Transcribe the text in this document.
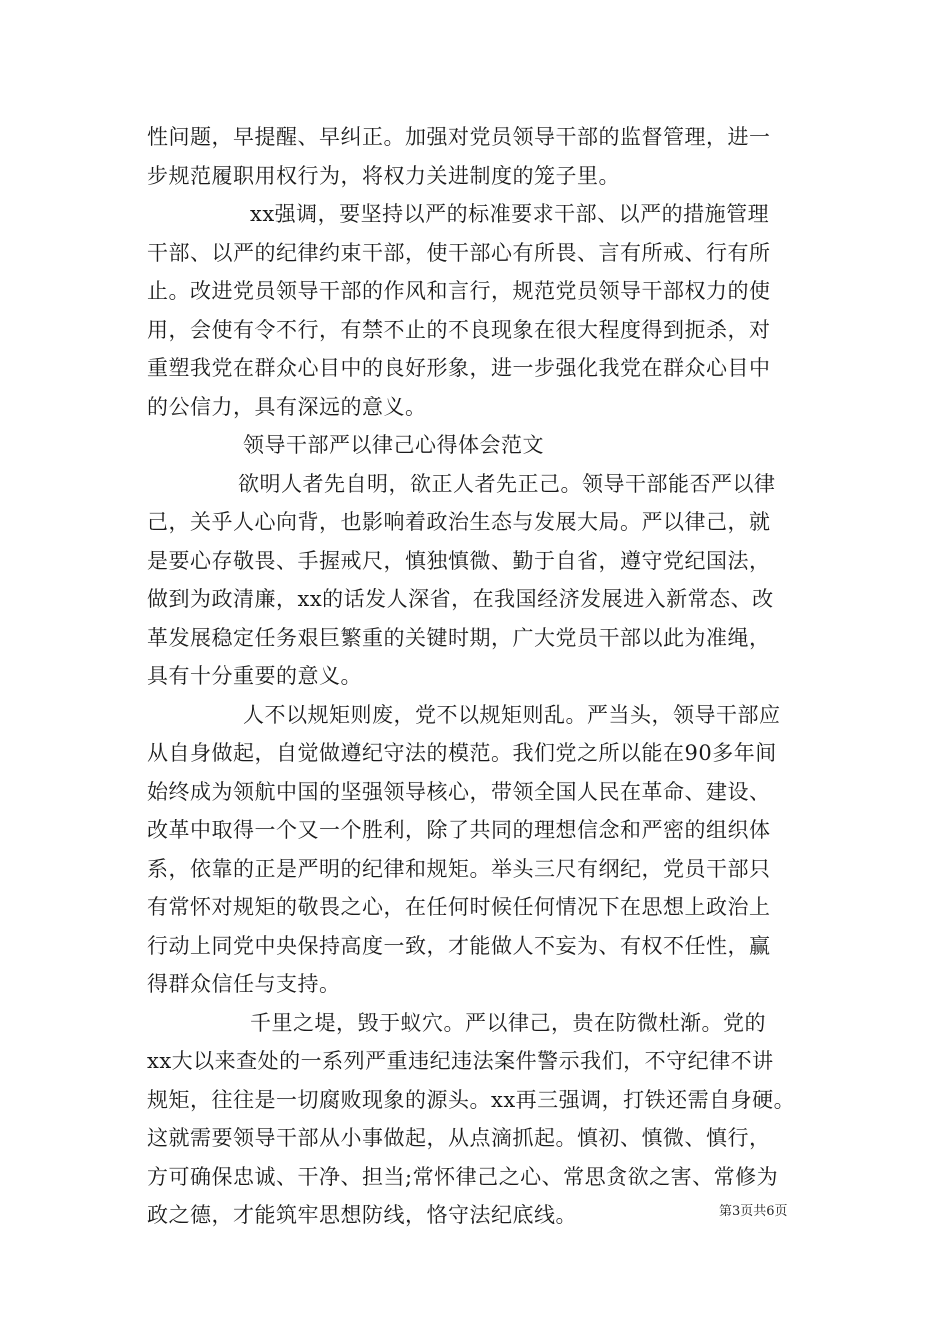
性问题，早提醒、早纠正。加强对党员领导干部的监督管理，进一
步规范履职用权行为，将权力关进制度的笼子里。
xx强调，要坚持以严的标准要求干部、以严的措施管理
干部、以严的纪律约束干部，使干部心有所畏、言有所戒、行有所
止。改进党员领导干部的作风和言行，规范党员领导干部权力的使
用，会使有令不行，有禁不止的不良现象在很大程度得到扼杀，对
重塑我党在群众心目中的良好形象，进一步强化我党在群众心目中
的公信力，具有深远的意义。
领导干部严以律己心得体会范文
欲明人者先自明，欲正人者先正己。领导干部能否严以律
己，关乎人心向背，也影响着政治生态与发展大局。严以律己，就
是要心存敬畏、手握戒尺，慎独慎微、勤于自省，遵守党纪国法，
做到为政清廉，xx的话发人深省，在我国经济发展进入新常态、改
革发展稳定任务艰巨繁重的关键时期，广大党员干部以此为准绳，
具有十分重要的意义。
人不以规矩则废，党不以规矩则乱。严当头，领导干部应
从自身做起，自觉做遵纪守法的模范。我们党之所以能在90多年间
始终成为领航中国的坚强领导核心，带领全国人民在革命、建设、
改革中取得一个又一个胜利，除了共同的理想信念和严密的组织体
系，依靠的正是严明的纪律和规矩。举头三尺有纲纪，党员干部只
有常怀对规矩的敬畏之心，在任何时候任何情况下在思想上政治上
行动上同党中央保持高度一致，才能做人不妄为、有权不任性，赢
得群众信任与支持。
千里之堤，毁于蚁穴。严以律己，贵在防微杜渐。党的
xx大以来查处的一系列严重违纪违法案件警示我们，不守纪律不讲
规矩，往往是一切腐败现象的源头。xx再三强调，打铁还需自身硬。
这就需要领导干部从小事做起，从点滴抓起。慎初、慎微、慎行，
方可确保忠诚、干净、担当;常怀律己之心、常思贪欲之害、常修为
政之德，才能筑牢思想防线，恪守法纪底线。	第3页共6页
